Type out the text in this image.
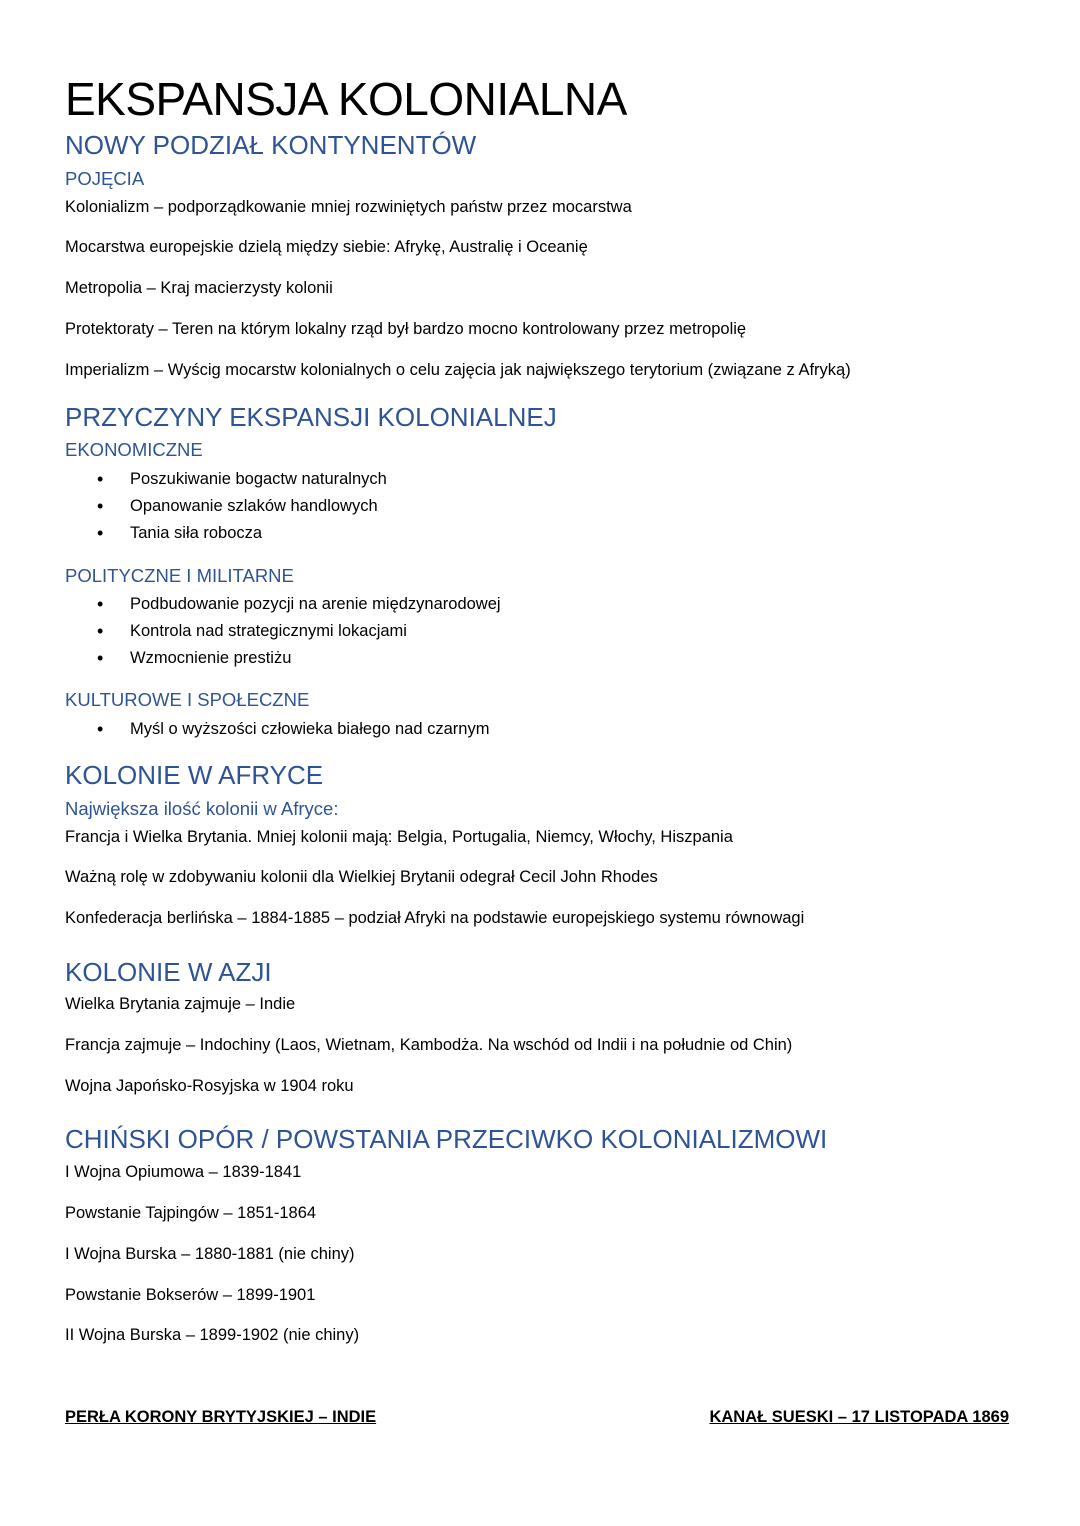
EKSPANSJA KOLONIALNA
NOWY PODZIAŁ KONTYNENTÓW
POJĘCIA
Kolonializm – podporządkowanie mniej rozwiniętych państw przez mocarstwa
Mocarstwa europejskie dzielą między siebie: Afrykę, Australię i Oceanię
Metropolia – Kraj macierzysty kolonii
Protektoraty – Teren na którym lokalny rząd był bardzo mocno kontrolowany przez metropolię
Imperializm – Wyścig mocarstw kolonialnych o celu zajęcia jak największego terytorium (związane z Afryką)
PRZYCZYNY EKSPANSJI KOLONIALNEJ
EKONOMICZNE
• Poszukiwanie bogactw naturalnych
• Opanowanie szlaków handlowych
• Tania siła robocza
POLITYCZNE I MILITARNE
• Podbudowanie pozycji na arenie międzynarodowej
• Kontrola nad strategicznymi lokacjami
• Wzmocnienie prestiżu
KULTUROWE I SPOŁECZNE
• Myśl o wyższości człowieka białego nad czarnym
KOLONIE W AFRYCE
Największa ilość kolonii w Afryce:
Francja i Wielka Brytania. Mniej kolonii mają: Belgia, Portugalia, Niemcy, Włochy, Hiszpania
Ważną rolę w zdobywaniu kolonii dla Wielkiej Brytanii odegrał Cecil John Rhodes
Konfederacja berlińska – 1884-1885 – podział Afryki na podstawie europejskiego systemu równowagi
KOLONIE W AZJI
Wielka Brytania zajmuje – Indie
Francja zajmuje – Indochiny (Laos, Wietnam, Kambodża. Na wschód od Indii i na południe od Chin)
Wojna Japońsko-Rosyjska w 1904 roku
CHIŃSKI OPÓR / POWSTANIA PRZECIWKO KOLONIALIZMOWI
I Wojna Opiumowa – 1839-1841
Powstanie Tajpingów – 1851-1864
I Wojna Burska – 1880-1881 (nie chiny)
Powstanie Bokserów – 1899-1901
II Wojna Burska – 1899-1902 (nie chiny)
PERŁA KORONY BRYTYJSKIEJ – INDIE	KANAŁ SUESKI – 17 LISTOPADA 1869
